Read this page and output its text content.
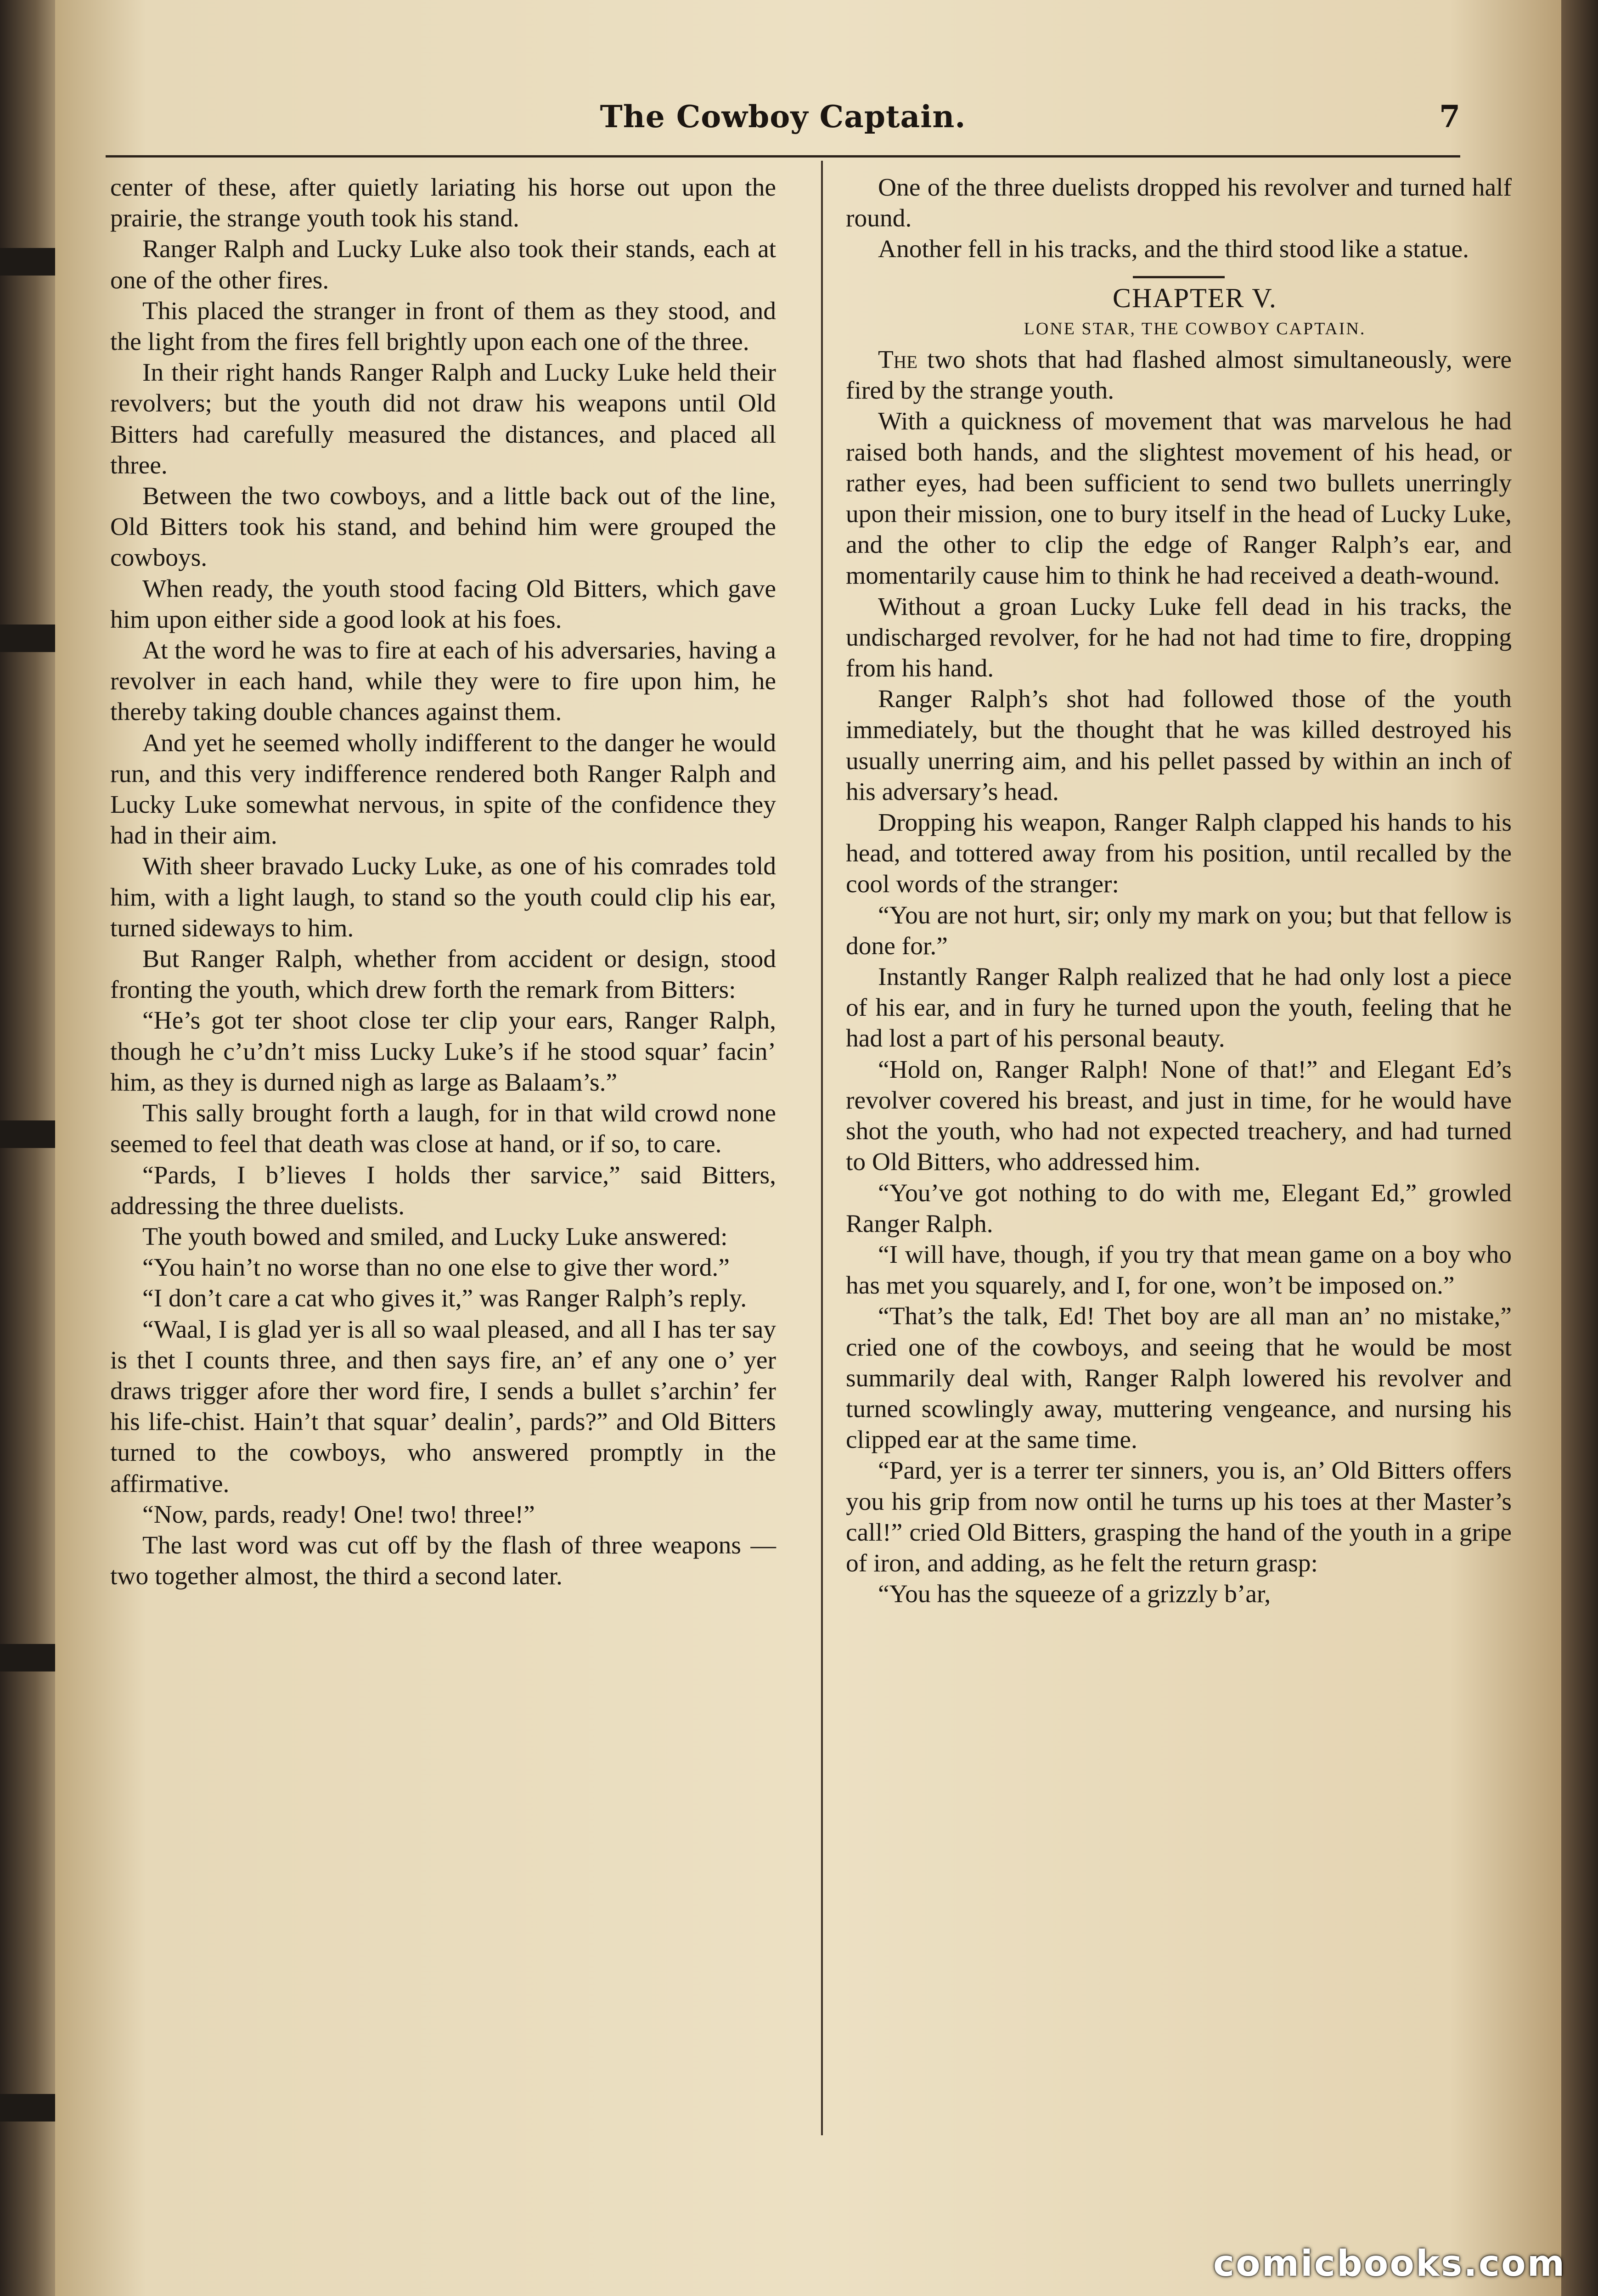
The Cowboy Captain.	7

center of these, after quietly lariating his horse out upon the prairie, the strange youth took his stand.

Ranger Ralph and Lucky Luke also took their stands, each at one of the other fires.

This placed the stranger in front of them as they stood, and the light from the fires fell brightly upon each one of the three.

In their right hands Ranger Ralph and Lucky Luke held their revolvers; but the youth did not draw his weapons until Old Bitters had carefully measured the distances, and placed all three.

Between the two cowboys, and a little back out of the line, Old Bitters took his stand, and behind him were grouped the cowboys.

When ready, the youth stood facing Old Bitters, which gave him upon either side a good look at his foes.

At the word he was to fire at each of his adversaries, having a revolver in each hand, while they were to fire upon him, he thereby taking double chances against them.

And yet he seemed wholly indifferent to the danger he would run, and this very indifference rendered both Ranger Ralph and Lucky Luke somewhat nervous, in spite of the confidence they had in their aim.

With sheer bravado Lucky Luke, as one of his comrades told him, with a light laugh, to stand so the youth could clip his ear, turned sideways to him.

But Ranger Ralph, whether from accident or design, stood fronting the youth, which drew forth the remark from Bitters:

“He’s got ter shoot close ter clip your ears, Ranger Ralph, though he c’u’dn’t miss Lucky Luke’s if he stood squar’ facin’ him, as they is durned nigh as large as Balaam’s.”

This sally brought forth a laugh, for in that wild crowd none seemed to feel that death was close at hand, or if so, to care.

“Pards, I b’lieves I holds ther sarvice,” said Bitters, addressing the three duelists.

The youth bowed and smiled, and Lucky Luke answered:

“You hain’t no worse than no one else to give ther word.”

“I don’t care a cat who gives it,” was Ranger Ralph’s reply.

“Waal, I is glad yer is all so waal pleased, and all I has ter say is thet I counts three, and then says fire, an’ ef any one o’ yer draws trigger afore ther word fire, I sends a bullet s’archin’ fer his life-chist. Hain’t that squar’ dealin’, pards?” and Old Bitters turned to the cowboys, who answered promptly in the affirmative.

“Now, pards, ready! One! two! three!”

The last word was cut off by the flash of three weapons — two together almost, the third a second later.

One of the three duelists dropped his revolver and turned half round.

Another fell in his tracks, and the third stood like a statue.

CHAPTER V.

LONE STAR, THE COWBOY CAPTAIN.

The two shots that had flashed almost simultaneously, were fired by the strange youth.

With a quickness of movement that was marvelous he had raised both hands, and the slightest movement of his head, or rather eyes, had been sufficient to send two bullets unerringly upon their mission, one to bury itself in the head of Lucky Luke, and the other to clip the edge of Ranger Ralph’s ear, and momentarily cause him to think he had received a death-wound.

Without a groan Lucky Luke fell dead in his tracks, the undischarged revolver, for he had not had time to fire, dropping from his hand.

Ranger Ralph’s shot had followed those of the youth immediately, but the thought that he was killed destroyed his usually unerring aim, and his pellet passed by within an inch of his adversary’s head.

Dropping his weapon, Ranger Ralph clapped his hands to his head, and tottered away from his position, until recalled by the cool words of the stranger:

“You are not hurt, sir; only my mark on you; but that fellow is done for.”

Instantly Ranger Ralph realized that he had only lost a piece of his ear, and in fury he turned upon the youth, feeling that he had lost a part of his personal beauty.

“Hold on, Ranger Ralph! None of that!” and Elegant Ed’s revolver covered his breast, and just in time, for he would have shot the youth, who had not expected treachery, and had turned to Old Bitters, who addressed him.

“You’ve got nothing to do with me, Elegant Ed,” growled Ranger Ralph.

“I will have, though, if you try that mean game on a boy who has met you squarely, and I, for one, won’t be imposed on.”

“That’s the talk, Ed! Thet boy are all man an’ no mistake,” cried one of the cowboys, and seeing that he would be most summarily deal with, Ranger Ralph lowered his revolver and turned scowlingly away, muttering vengeance, and nursing his clipped ear at the same time.

“Pard, yer is a terrer ter sinners, you is, an’ Old Bitters offers you his grip from now ontil he turns up his toes at ther Master’s call!” cried Old Bitters, grasping the hand of the youth in a gripe of iron, and adding, as he felt the return grasp:

“You has the squeeze of a grizzly b’ar,

comicbooks.com
